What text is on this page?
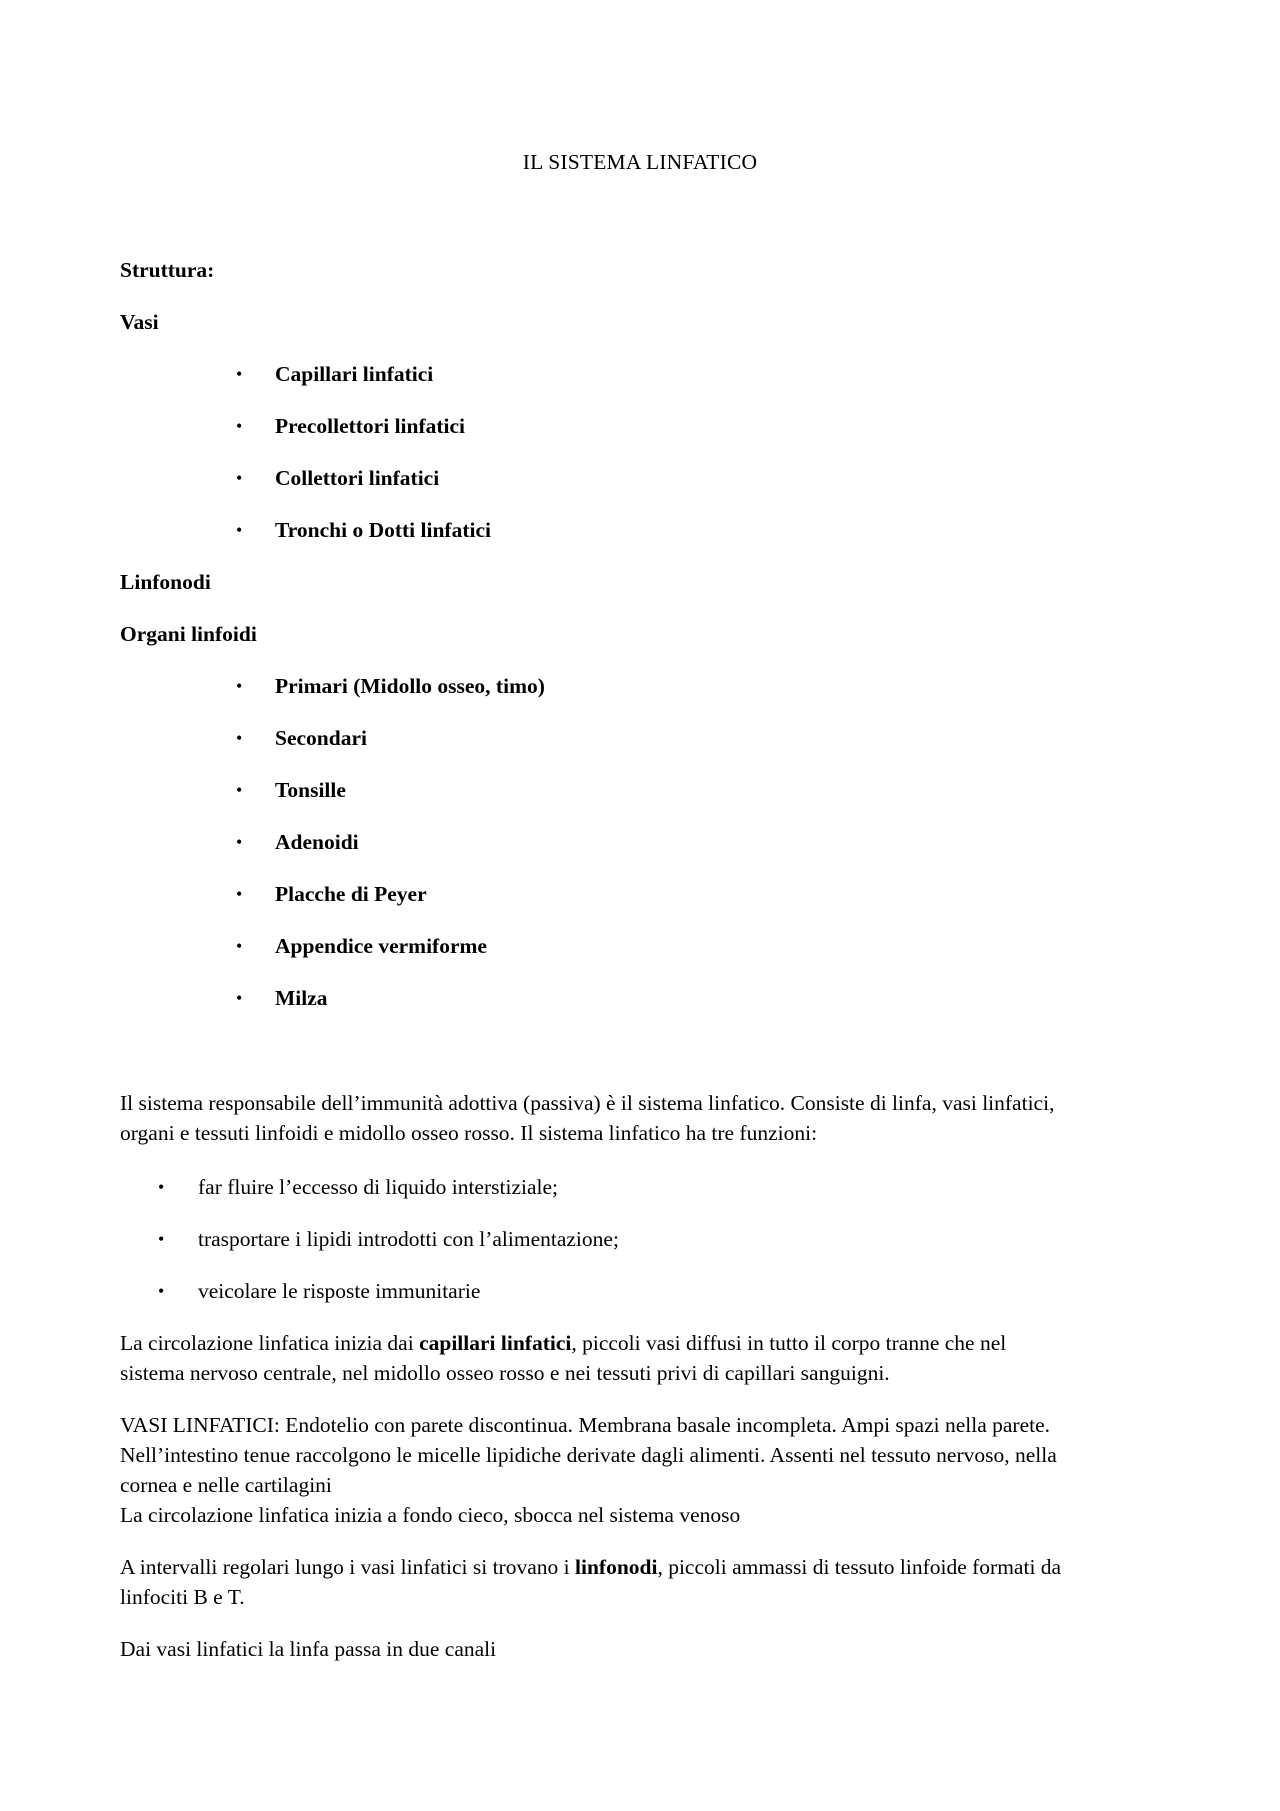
IL SISTEMA LINFATICO
Struttura:
Vasi
• Capillari linfatici
• Precollettori linfatici
• Collettori linfatici
• Tronchi o Dotti linfatici
Linfonodi
Organi linfoidi
• Primari (Midollo osseo, timo)
• Secondari
• Tonsille
• Adenoidi
• Placche di Peyer
• Appendice vermiforme
• Milza
Il sistema responsabile dell’immunità adottiva (passiva) è il sistema linfatico. Consiste di linfa, vasi linfatici,
organi e tessuti linfoidi e midollo osseo rosso. Il sistema linfatico ha tre funzioni:
• far fluire l’eccesso di liquido interstiziale;
• trasportare i lipidi introdotti con l’alimentazione;
• veicolare le risposte immunitarie
La circolazione linfatica inizia dai capillari linfatici, piccoli vasi diffusi in tutto il corpo tranne che nel
sistema nervoso centrale, nel midollo osseo rosso e nei tessuti privi di capillari sanguigni.
VASI LINFATICI: Endotelio con parete discontinua. Membrana basale incompleta. Ampi spazi nella parete.
Nell’intestino tenue raccolgono le micelle lipidiche derivate dagli alimenti. Assenti nel tessuto nervoso, nella
cornea e nelle cartilagini
La circolazione linfatica inizia a fondo cieco, sbocca nel sistema venoso
A intervalli regolari lungo i vasi linfatici si trovano i linfonodi, piccoli ammassi di tessuto linfoide formati da
linfociti B e T.
Dai vasi linfatici la linfa passa in due canali
